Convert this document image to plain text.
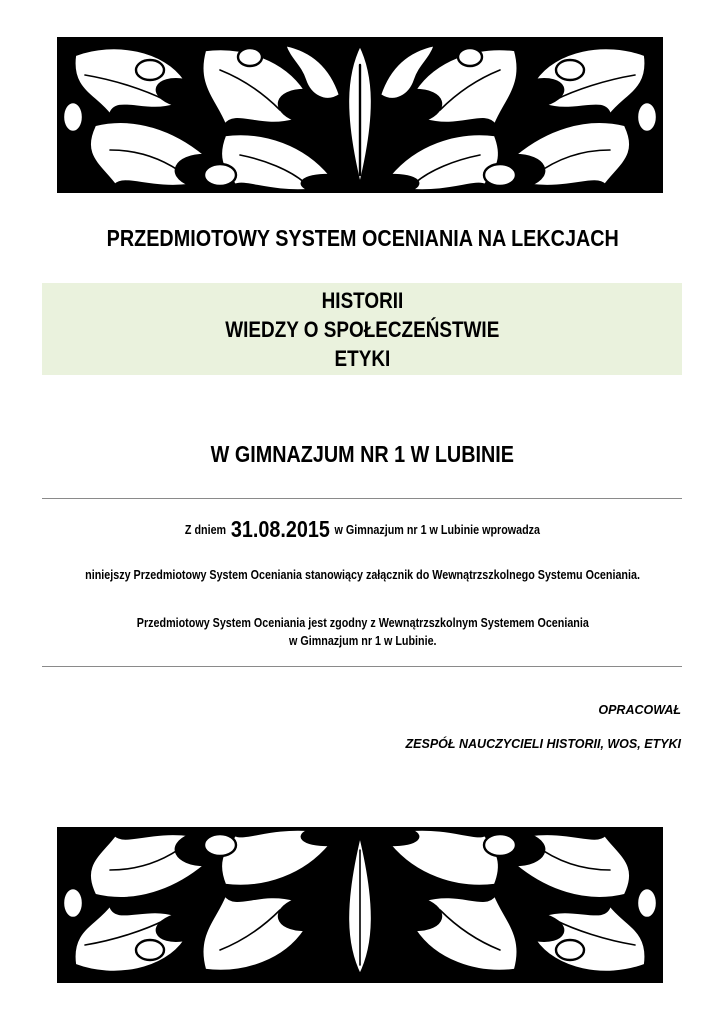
PRZEDMIOTOWY SYSTEM OCENIANIA NA LEKCJACH
HISTORII
WIEDZY O SPOŁECZEŃSTWIE
ETYKI
W GIMNAZJUM NR 1 W LUBINIE
Z dniem 31.08.2015 w Gimnazjum nr 1 w Lubinie wprowadza
niniejszy Przedmiotowy System Oceniania stanowiący załącznik do Wewnątrzszkolnego Systemu Oceniania.
Przedmiotowy System Oceniania jest zgodny z Wewnątrzszkolnym Systemem Oceniania
w Gimnazjum nr 1 w Lubinie.
OPRACOWAŁ
ZESPÓŁ NAUCZYCIELI HISTORII, WOS, ETYKI
